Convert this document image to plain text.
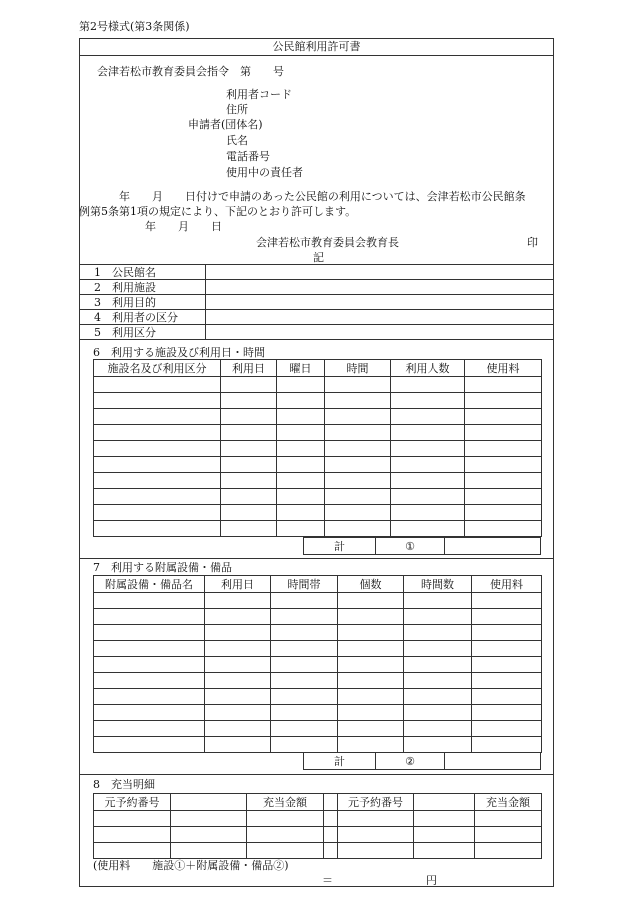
第2号様式(第3条関係)
公民館利用許可書
会津若松市教育委員会指令　第　　号
利用者コード
住所
申請者(団体名)
氏名
電話番号
使用中の責任者
年　　月　　日付けで申請のあった公民館の利用については、会津若松市公民館条
例第5条第1項の規定により、下記のとおり許可します。
年　　月　　日
会津若松市教育委員会教育長	印
記
1　公民館名	
2　利用施設	
3　利用目的	
4　利用者の区分	
5　利用区分	
6　利用する施設及び利用日・時間
施設名及び利用区分	利用日	曜日	時間	利用人数	使用料

計	①	
7　利用する附属設備・備品
附属設備・備品名	利用日	時間帯	個数	時間数	使用料

計	②	
8　充当明細
元予約番号		充当金額		元予約番号		充当金額

(使用料　　施設①＋附属設備・備品②)
＝	円
